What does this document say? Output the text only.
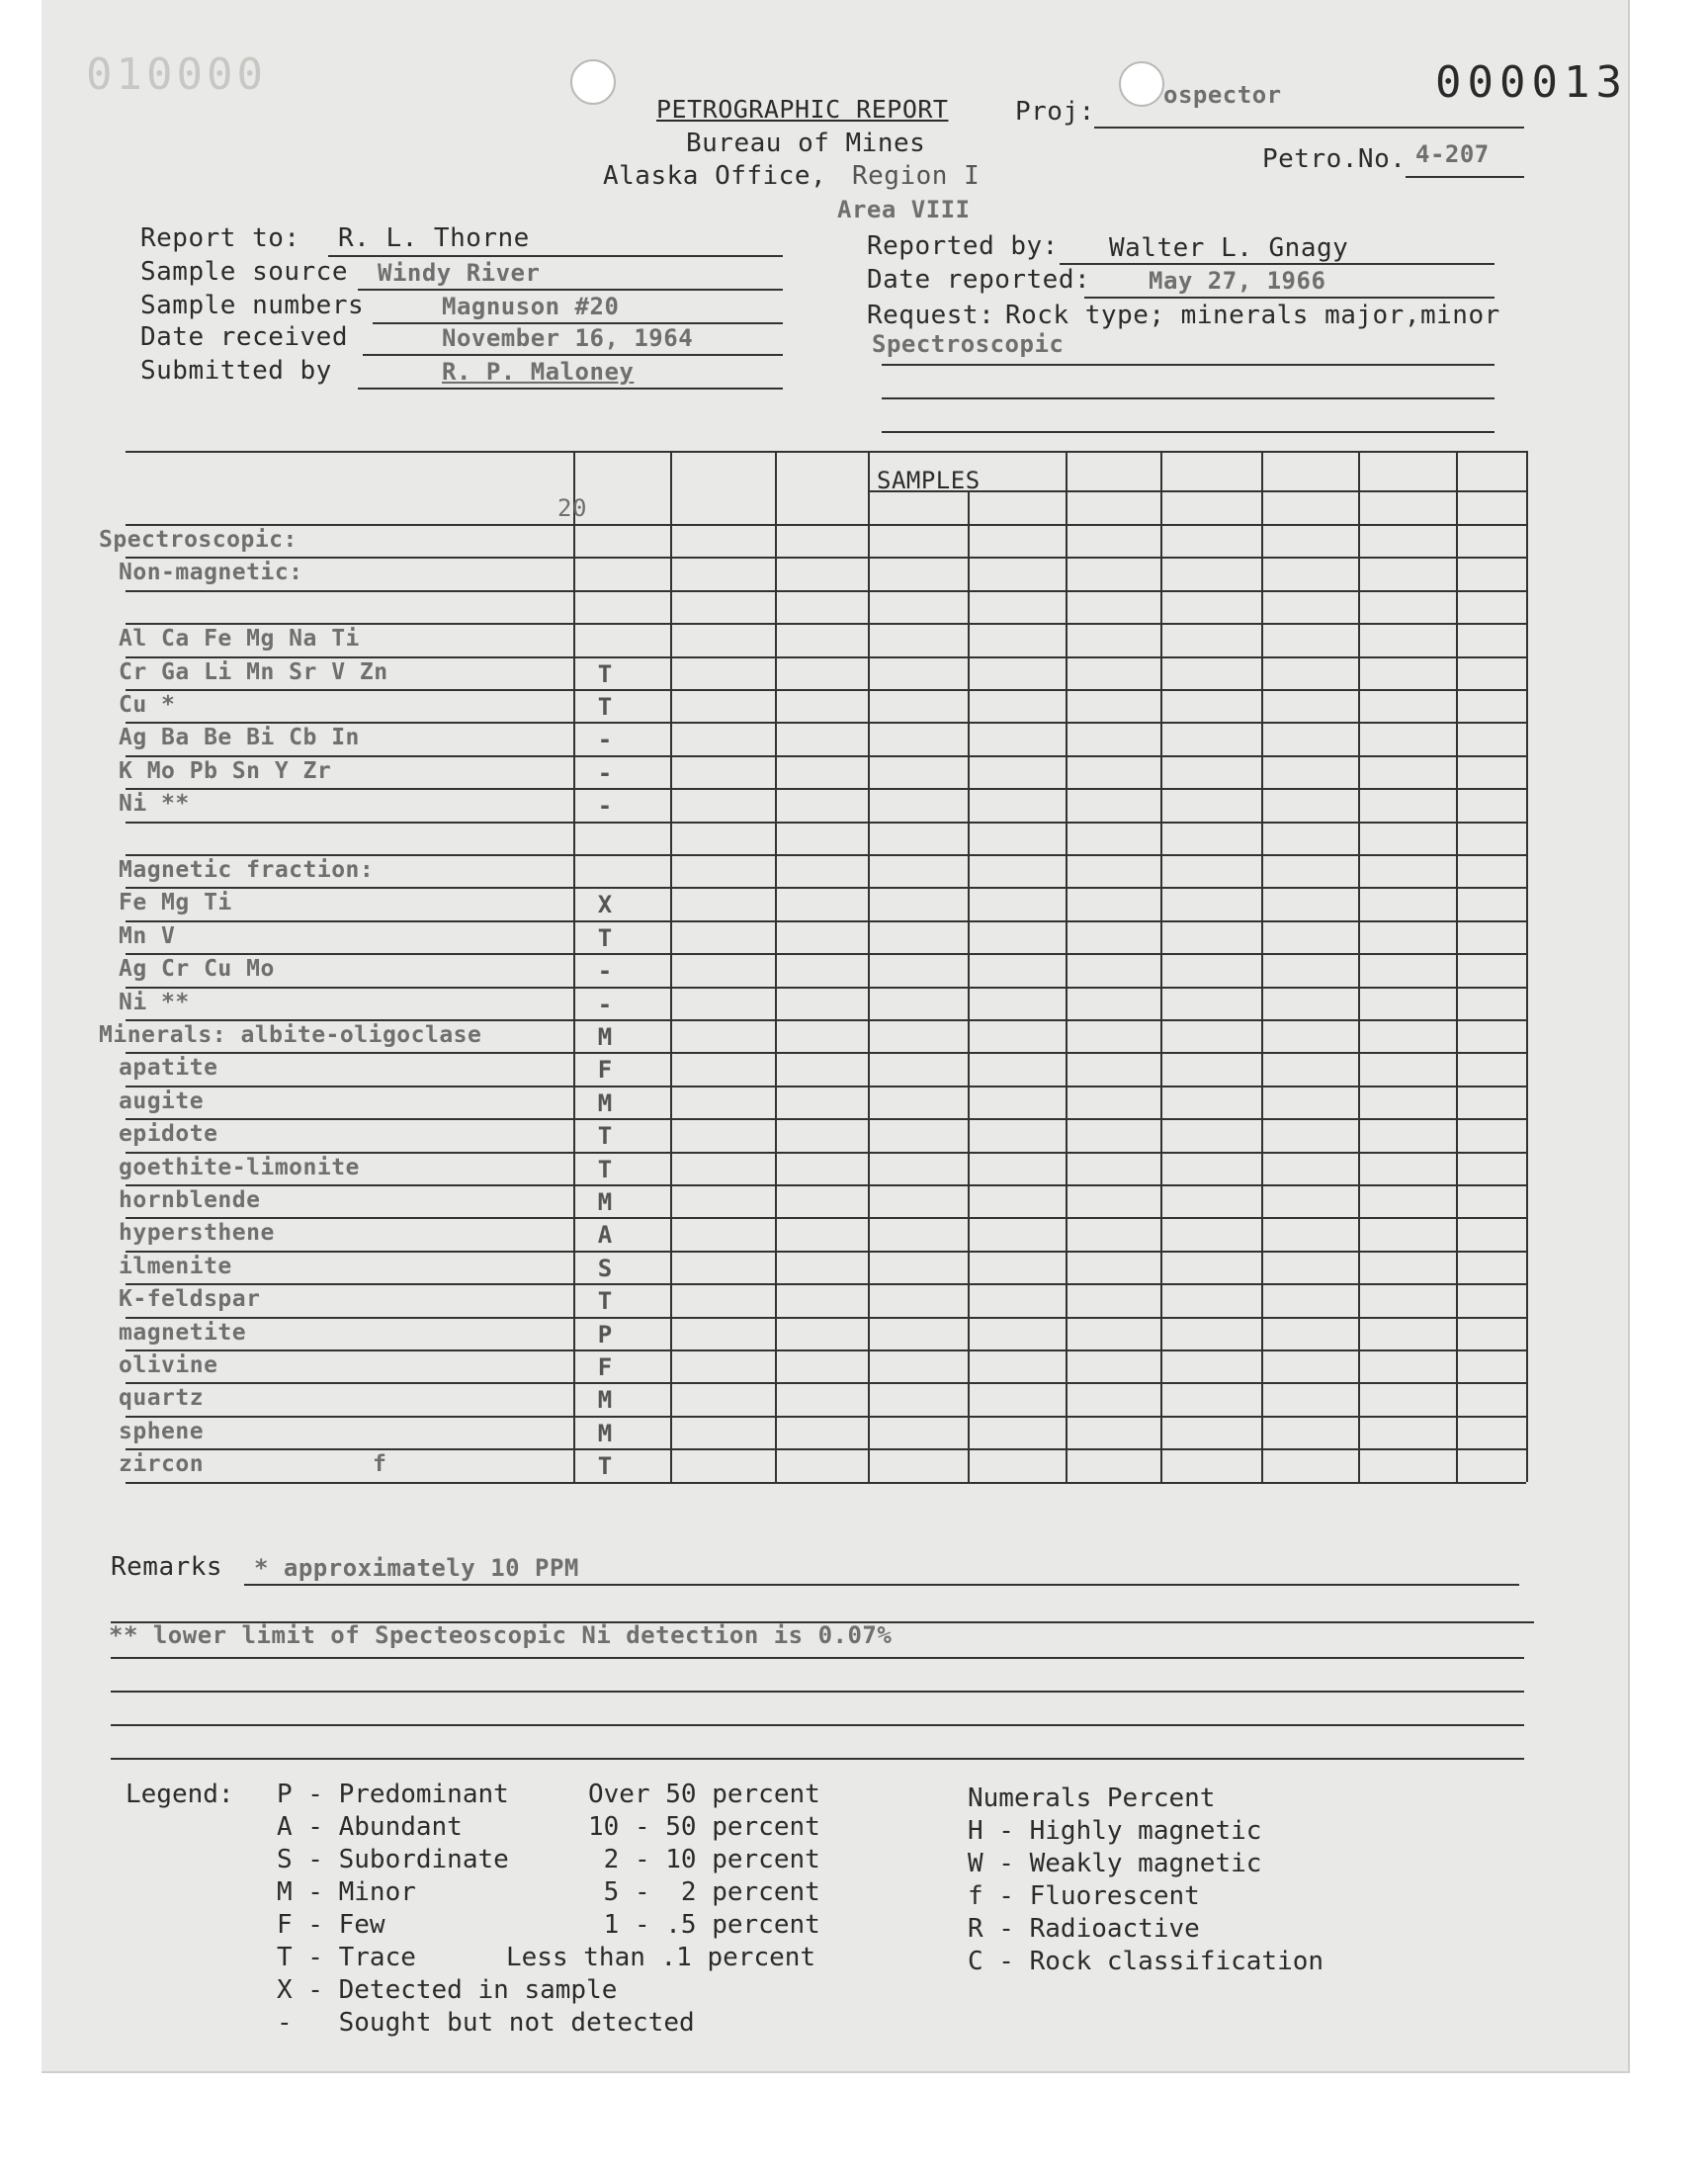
010000	000013
PETROGRAPHIC REPORT
Bureau of Mines
Alaska Office, Region I
Area VIII
Proj:
ospector
Petro.No. 4-207
Report to: R. L. Thorne
Sample source Windy River
Sample numbers	Magnuson #20
Date received	November 16, 1964
Submitted by	R. P. Maloney
Reported by: Walter L. Gnagy
Date reported: May 27, 1966
Request: Rock type; minerals major,minor
Spectroscopic
Spectroscopic:
Non-magnetic:
Al Ca Fe Mg Na Ti
Cr Ga Li Mn Sr V Zn	T
Cu *	T
Ag Ba Be Bi Cb In	-
K Mo Pb Sn Y Zr	-
Ni **	-
Magnetic fraction:
Fe Mg Ti	X
Mn V	T
Ag Cr Cu Mo	-
Ni **	-
Minerals: albite-oligoclase	M
apatite	F
augite	M
epidote	T
goethite-limonite	T
hornblende	M
hypersthene	A
ilmenite	S
K-feldspar	T
magnetite	P
olivine	F
quartz	M
sphene	M
zircon	f	T
SAMPLES
20
Remarks * approximately 10 PPM
** lower limit of Specteoscopic Ni detection is 0.07%
Legend: P - Predominant	Over 50 percent
A - Abundant	10 - 50 percent
S - Subordinate	2 - 10 percent
M - Minor	5 -  2 percent
F - Few	1 - .5 percent
T - Trace	Less than .1 percent
X - Detected in sample
-   Sought but not detected
Numerals Percent
H - Highly magnetic
W - Weakly magnetic
f - Fluorescent
R - Radioactive
C - Rock classification
